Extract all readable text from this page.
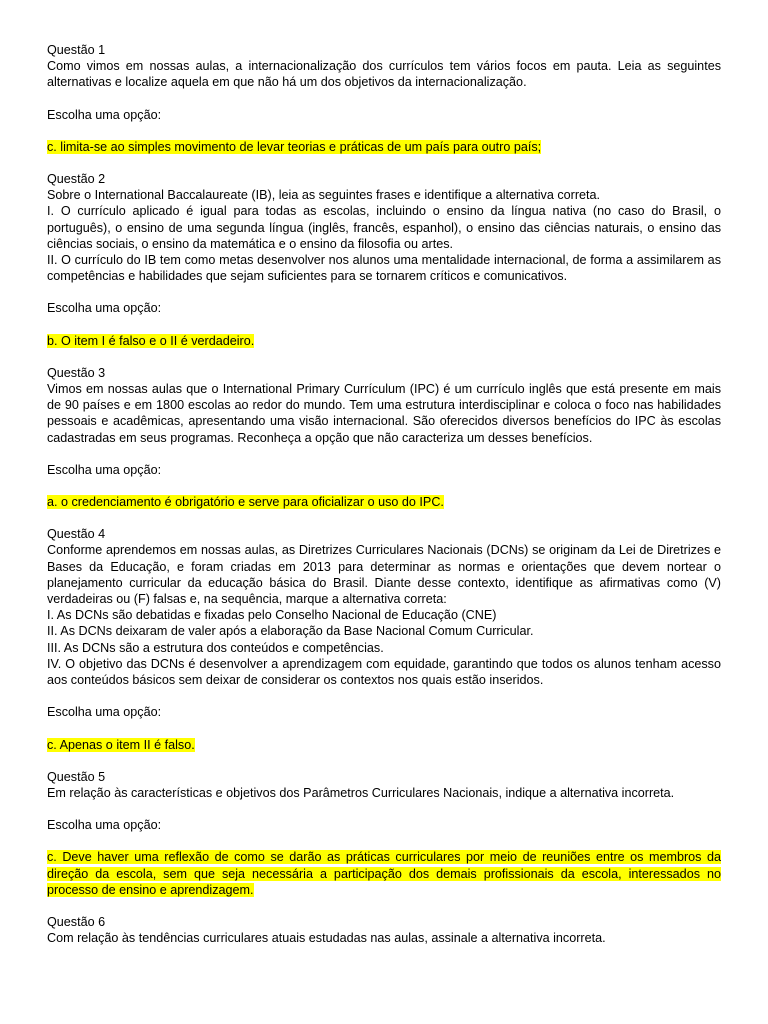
Questão 1

Como vimos em nossas aulas, a internacionalização dos currículos tem vários focos em pauta. Leia as seguintes alternativas e localize aquela em que não há um dos objetivos da internacionalização.

Escolha uma opção:

c. limita-se ao simples movimento de levar teorias e práticas de um país para outro país;

Questão 2

Sobre o International Baccalaureate (IB), leia as seguintes frases e identifique a alternativa correta.

I. O currículo aplicado é igual para todas as escolas, incluindo o ensino da língua nativa (no caso do Brasil, o português), o ensino de uma segunda língua (inglês, francês, espanhol), o ensino das ciências naturais, o ensino das ciências sociais, o ensino da matemática e o ensino da filosofia ou artes.

II. O currículo do IB tem como metas desenvolver nos alunos uma mentalidade internacional, de forma a assimilarem as competências e habilidades que sejam suficientes para se tornarem críticos e comunicativos.

Escolha uma opção:

b. O item I é falso e o II é verdadeiro.

Questão 3

Vimos em nossas aulas que o International Primary Currículum (IPC) é um currículo inglês que está presente em mais de 90 países e em 1800 escolas ao redor do mundo. Tem uma estrutura interdisciplinar e coloca o foco nas habilidades pessoais e acadêmicas, apresentando uma visão internacional. São oferecidos diversos benefícios do IPC às escolas cadastradas em seus programas. Reconheça a opção que não caracteriza um desses benefícios.

Escolha uma opção:

a. o credenciamento é obrigatório e serve para oficializar o uso do IPC.

Questão 4

Conforme aprendemos em nossas aulas, as Diretrizes Curriculares Nacionais (DCNs) se originam da Lei de Diretrizes e Bases da Educação, e foram criadas em 2013 para determinar as normas e orientações que devem nortear o planejamento curricular da educação básica do Brasil. Diante desse contexto, identifique as afirmativas como (V) verdadeiras ou (F) falsas e, na sequência, marque a alternativa correta:

I. As DCNs são debatidas e fixadas pelo Conselho Nacional de Educação (CNE)

II. As DCNs deixaram de valer após a elaboração da Base Nacional Comum Curricular.

III. As DCNs são a estrutura dos conteúdos e competências.

IV. O objetivo das DCNs é desenvolver a aprendizagem com equidade, garantindo que todos os alunos tenham acesso aos conteúdos básicos sem deixar de considerar os contextos nos quais estão inseridos.

Escolha uma opção:

c. Apenas o item II é falso.

Questão 5

Em relação às características e objetivos dos Parâmetros Curriculares Nacionais, indique a alternativa incorreta.

Escolha uma opção:

c. Deve haver uma reflexão de como se darão as práticas curriculares por meio de reuniões entre os membros da direção da escola, sem que seja necessária a participação dos demais profissionais da escola, interessados no processo de ensino e aprendizagem.

Questão 6

Com relação às tendências curriculares atuais estudadas nas aulas, assinale a alternativa incorreta.
